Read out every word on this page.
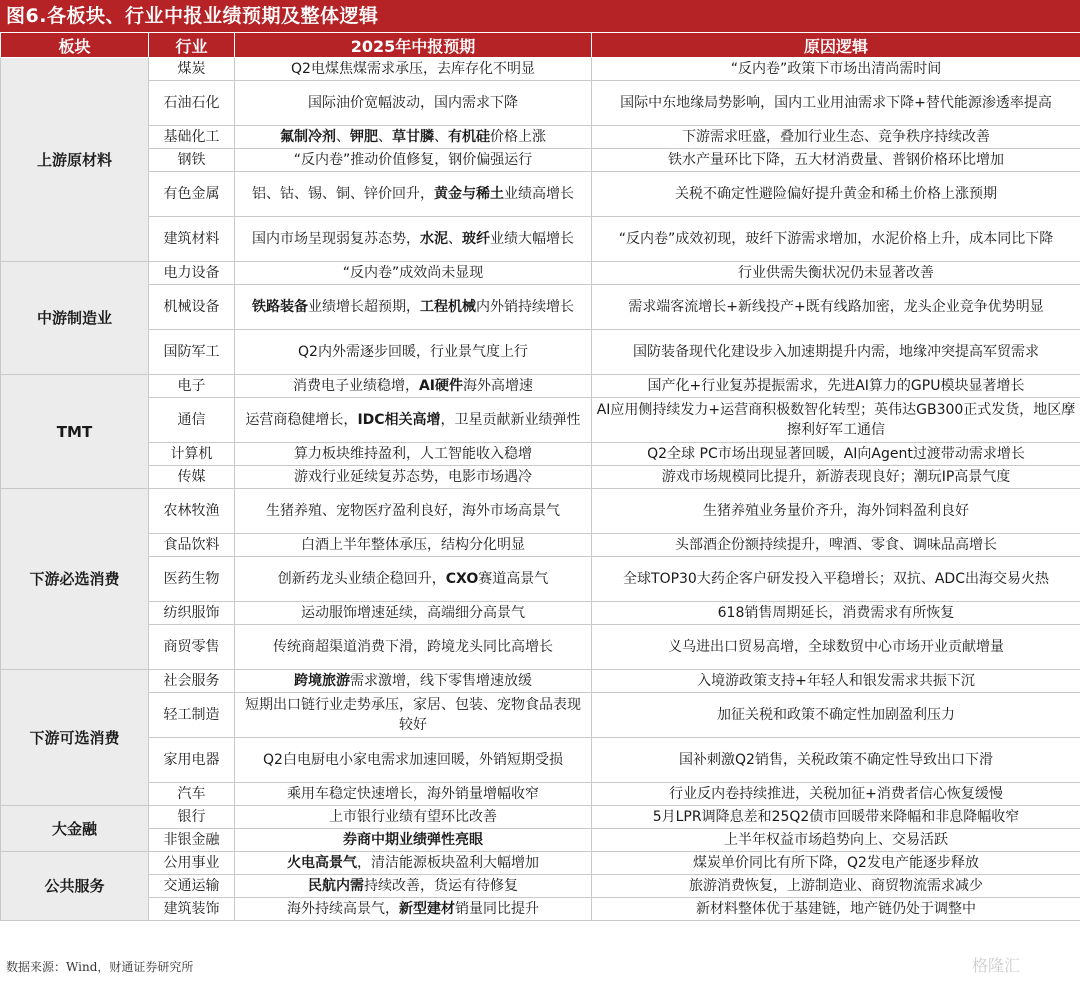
图6.各板块、行业中报业绩预期及整体逻辑
板块	行业	2025年中报预期	原因逻辑
上游原材料	煤炭	Q2电煤焦煤需求承压，去库存化不明显	“反内卷”政策下市场出清尚需时间
	石油石化	国际油价宽幅波动，国内需求下降	国际中东地缘局势影响，国内工业用油需求下降+替代能源渗透率提高
	基础化工	氟制冷剂、钾肥、草甘膦、有机硅价格上涨	下游需求旺盛，叠加行业生态、竞争秩序持续改善
	钢铁	“反内卷”推动价值修复，钢价偏强运行	铁水产量环比下降，五大材消费量、普钢价格环比增加
	有色金属	铝、钴、锡、铜、锌价回升，黄金与稀土业绩高增长	关税不确定性避险偏好提升黄金和稀土价格上涨预期
	建筑材料	国内市场呈现弱复苏态势，水泥、玻纤业绩大幅增长	“反内卷”成效初现，玻纤下游需求增加，水泥价格上升，成本同比下降
中游制造业	电力设备	“反内卷”成效尚未显现	行业供需失衡状况仍未显著改善
	机械设备	铁路装备业绩增长超预期，工程机械内外销持续增长	需求端客流增长+新线投产+既有线路加密，龙头企业竞争优势明显
	国防军工	Q2内外需逐步回暖，行业景气度上行	国防装备现代化建设步入加速期提升内需，地缘冲突提高军贸需求
TMT	电子	消费电子业绩稳增，AI硬件海外高增速	国产化+行业复苏提振需求，先进AI算力的GPU模块显著增长
	通信	运营商稳健增长，IDC相关高增，卫星贡献新业绩弹性	AI应用侧持续发力+运营商积极数智化转型；英伟达GB300正式发货，地区摩擦利好军工通信
	计算机	算力板块维持盈利，人工智能收入稳增	Q2全球 PC市场出现显著回暖，AI向Agent过渡带动需求增长
	传媒	游戏行业延续复苏态势，电影市场遇冷	游戏市场规模同比提升，新游表现良好；潮玩IP高景气度
下游必选消费	农林牧渔	生猪养殖、宠物医疗盈利良好，海外市场高景气	生猪养殖业务量价齐升，海外饲料盈利良好
	食品饮料	白酒上半年整体承压，结构分化明显	头部酒企份额持续提升，啤酒、零食、调味品高增长
	医药生物	创新药龙头业绩企稳回升，CXO赛道高景气	全球TOP30大药企客户研发投入平稳增长；双抗、ADC出海交易火热
	纺织服饰	运动服饰增速延续，高端细分高景气	618销售周期延长，消费需求有所恢复
	商贸零售	传统商超渠道消费下滑，跨境龙头同比高增长	义乌进出口贸易高增，全球数贸中心市场开业贡献增量
下游可选消费	社会服务	跨境旅游需求激增，线下零售增速放缓	入境游政策支持+年轻人和银发需求共振下沉
	轻工制造	短期出口链行业走势承压，家居、包装、宠物食品表现较好	加征关税和政策不确定性加剧盈利压力
	家用电器	Q2白电厨电小家电需求加速回暖，外销短期受损	国补刺激Q2销售，关税政策不确定性导致出口下滑
	汽车	乘用车稳定快速增长，海外销量增幅收窄	行业反内卷持续推进，关税加征+消费者信心恢复缓慢
大金融	银行	上市银行业绩有望环比改善	5月LPR调降息差和25Q2债市回暖带来降幅和非息降幅收窄
	非银金融	券商中期业绩弹性亮眼	上半年权益市场趋势向上、交易活跃
公共服务	公用事业	火电高景气，清洁能源板块盈利大幅增加	煤炭单价同比有所下降，Q2发电产能逐步释放
	交通运输	民航内需持续改善，货运有待修复	旅游消费恢复，上游制造业、商贸物流需求减少
	建筑装饰	海外持续高景气，新型建材销量同比提升	新材料整体优于基建链，地产链仍处于调整中
数据来源：Wind，财通证券研究所	格隆汇
